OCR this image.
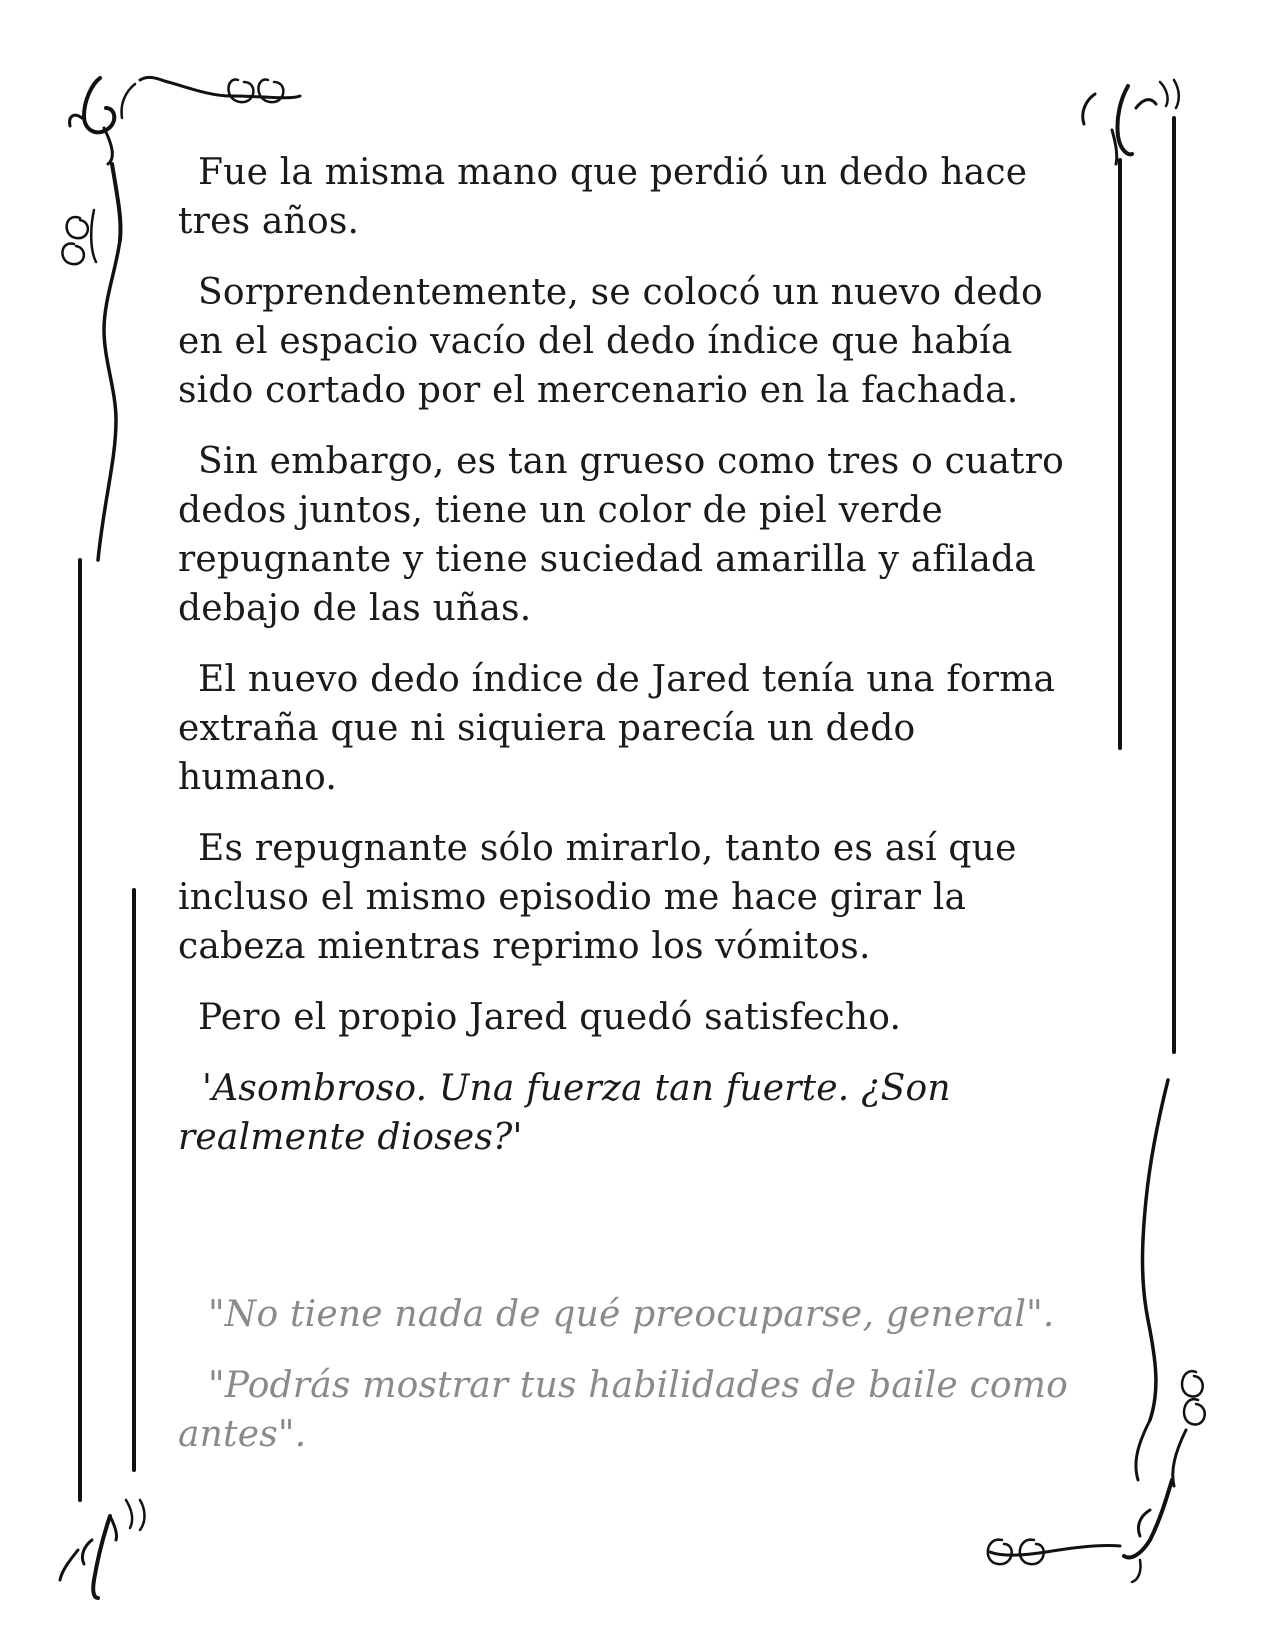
Fue la misma mano que perdió un dedo hace tres años.

Sorprendentemente, se colocó un nuevo dedo en el espacio vacío del dedo índice que había sido cortado por el mercenario en la fachada.

Sin embargo, es tan grueso como tres o cuatro dedos juntos, tiene un color de piel verde repugnante y tiene suciedad amarilla y afilada debajo de las uñas.

El nuevo dedo índice de Jared tenía una forma extraña que ni siquiera parecía un dedo humano.

Es repugnante sólo mirarlo, tanto es así que incluso el mismo episodio me hace girar la cabeza mientras reprimo los vómitos.

Pero el propio Jared quedó satisfecho.

'Asombroso. Una fuerza tan fuerte. ¿Son realmente dioses?'

"No tiene nada de qué preocuparse, general".

"Podrás mostrar tus habilidades de baile como antes".
